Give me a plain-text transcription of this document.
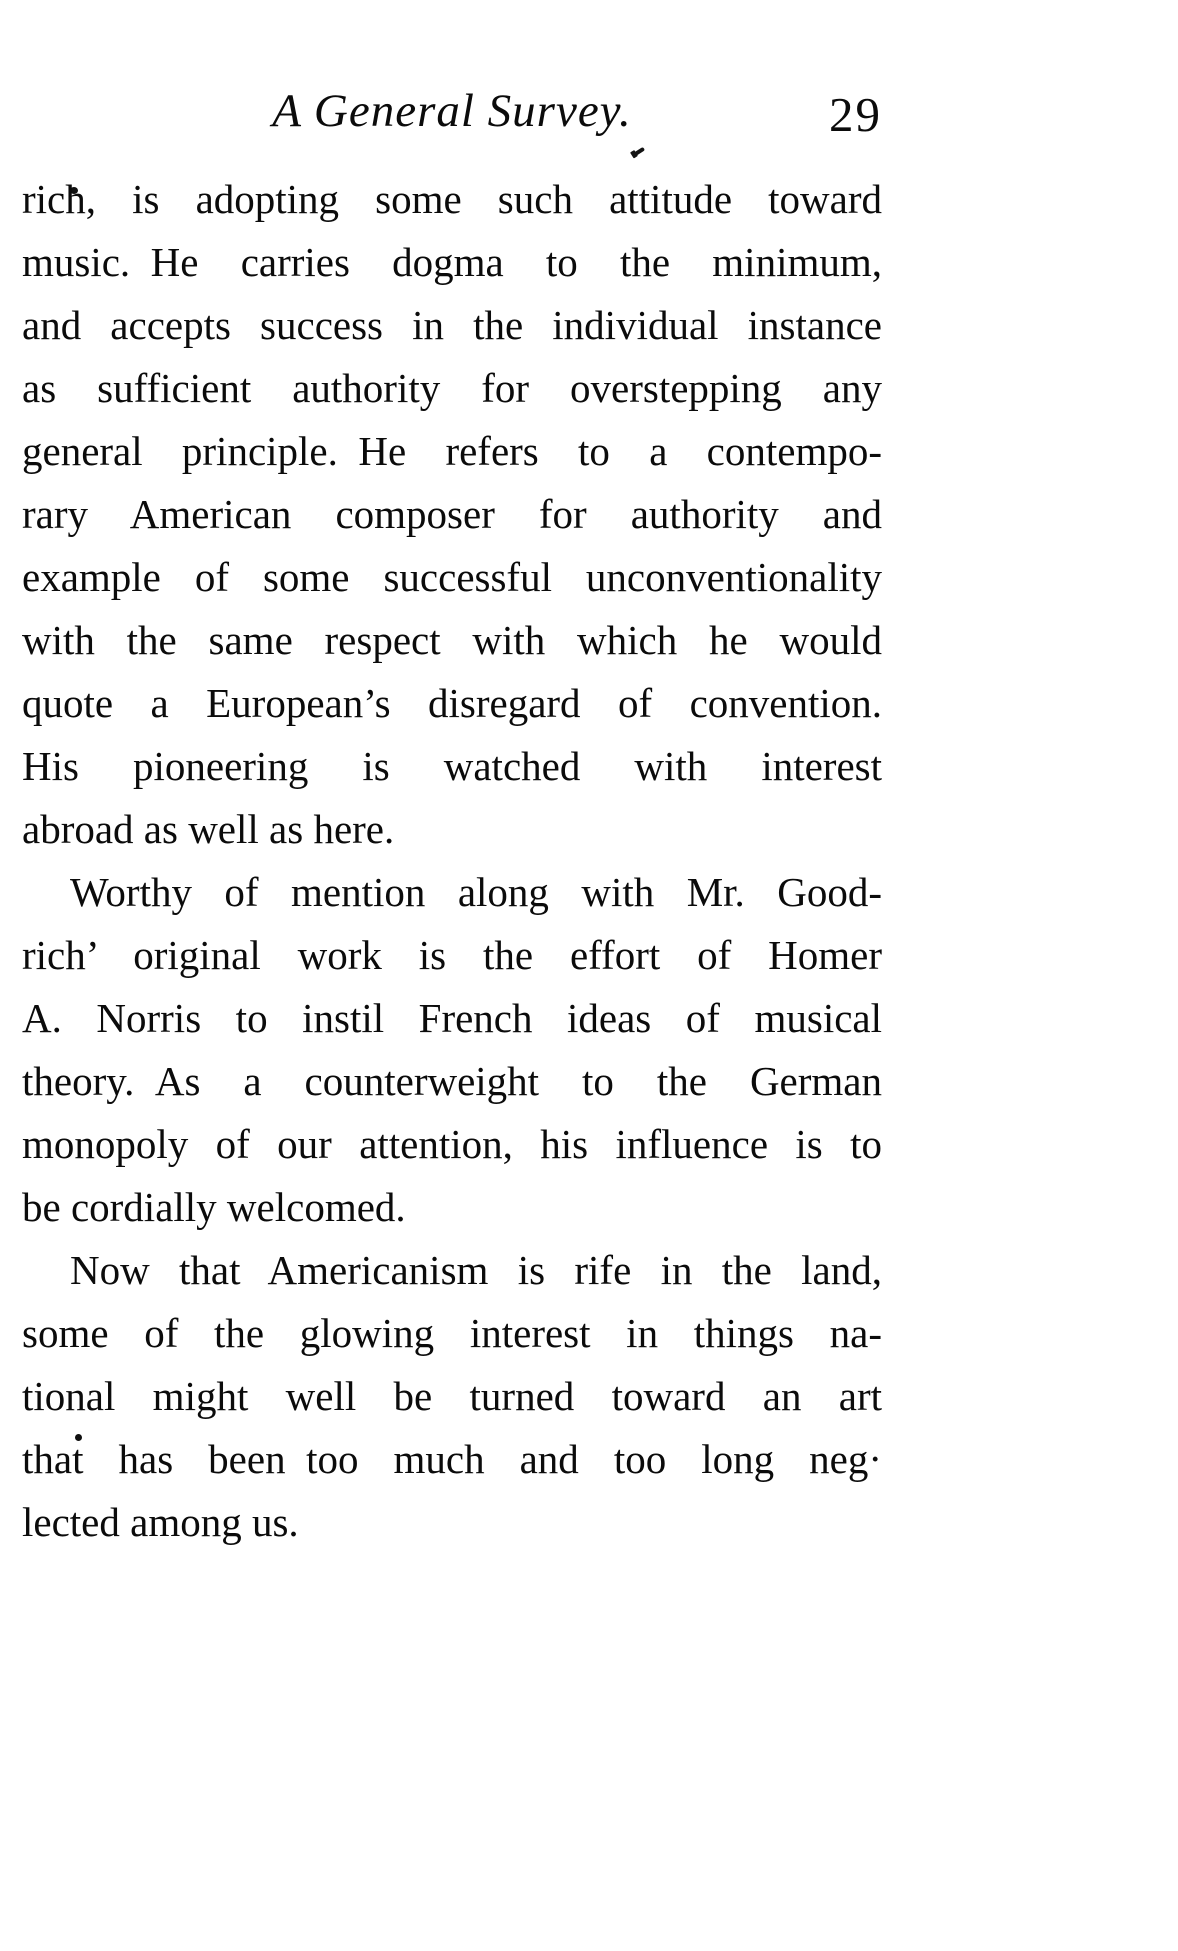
A General Survey.	29
rich, is adopting some such attitude toward
music. He carries dogma to the minimum,
and accepts success in the individual instance
as sufficient authority for overstepping any
general principle. He refers to a contempo-
rary American composer for authority and
example of some successful unconventionality
with the same respect with which he would
quote a European’s disregard of convention.
His pioneering is watched with interest
abroad as well as here.
Worthy of mention along with Mr. Good-
rich’ original work is the effort of Homer
A. Norris to instil French ideas of musical
theory. As a counterweight to the German
monopoly of our attention, his influence is to
be cordially welcomed.
Now that Americanism is rife in the land,
some of the glowing interest in things na-
tional might well be turned toward an art
that has been too much and too long neg·
lected among us.
